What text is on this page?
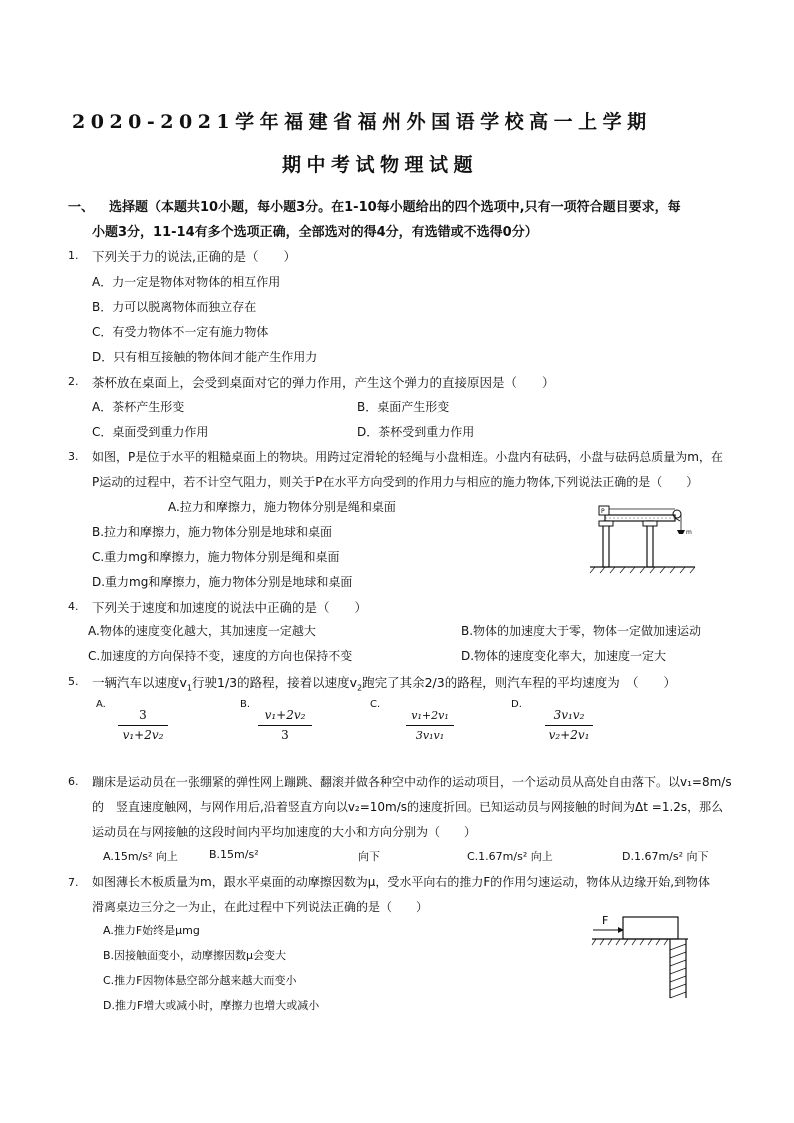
2020-2021学年福建省福州外国语学校高一上学期
期中考试物理试题
一、 选择题（本题共10小题，每小题3分。在1-10每小题给出的四个选项中,只有一项符合题目要求，每
小题3分，11-14有多个选项正确，全部选对的得4分，有选错或不选得0分）
1. 下列关于力的说法,正确的是（　　）
A．力一定是物体对物体的相互作用
B．力可以脱离物体而独立存在
C．有受力物体不一定有施力物体
D．只有相互接触的物体间才能产生作用力
2. 茶杯放在桌面上，会受到桌面对它的弹力作用，产生这个弹力的直接原因是（　　）
A．茶杯产生形变	B．桌面产生形变
C．桌面受到重力作用	D．茶杯受到重力作用
3. 如图，P是位于水平的粗糙桌面上的物块。用跨过定滑轮的轻绳与小盘相连。小盘内有砝码，小盘与砝码总质量为m，在
P运动的过程中，若不计空气阻力，则关于P在水平方向受到的作用力与相应的施力物体,下列说法正确的是（　　）
A.拉力和摩擦力，施力物体分别是绳和桌面
B.拉力和摩擦力，施力物体分别是地球和桌面
C.重力mg和摩擦力，施力物体分别是绳和桌面
D.重力mg和摩擦力，施力物体分别是地球和桌面
P
m
4. 下列关于速度和加速度的说法中正确的是（　　）
A.物体的速度变化越大，其加速度一定越大	B.物体的加速度大于零，物体一定做加速运动
C.加速度的方向保持不变，速度的方向也保持不变	D.物体的速度变化率大，加速度一定大
5. 一辆汽车以速度$v_1$行驶1/3的路程，接着以速度$v_2$跑完了其余2/3的路程，则汽车程的平均速度为　（　　）
A.
3
v₁+2v₂
B.
v₁+2v₂
3
C.
v₁+2v₁
3v₁v₁
D.
3v₁v₂
v₂+2v₁
6. 蹦床是运动员在一张绷紧的弹性网上蹦跳、翻滚并做各种空中动作的运动项目，一个运动员从高处自由落下。以v₁=8m/s
的　竖直速度触网，与网作用后,沿着竖直方向以v₂=10m/s的速度折回。已知运动员与网接触的时间为Δt =1.2s，那么
运动员在与网接触的这段时间内平均加速度的大小和方向分别为（　　）
A.15m/s² 向上	B.15m/s²	向下	C.1.67m/s² 向上	D.1.67m/s² 向下
7. 如图薄长木板质量为m，跟水平桌面的动摩擦因数为μ，受水平向右的推力F的作用匀速运动，物体从边缘开始,到物体
滑离桌边三分之一为止，在此过程中下列说法正确的是（　　）
A.推力F始终是μmg
B.因接触面变小，动摩擦因数μ会变大
C.推力F因物体悬空部分越来越大而变小
D.推力F增大或减小时，摩擦力也增大或减小
F
